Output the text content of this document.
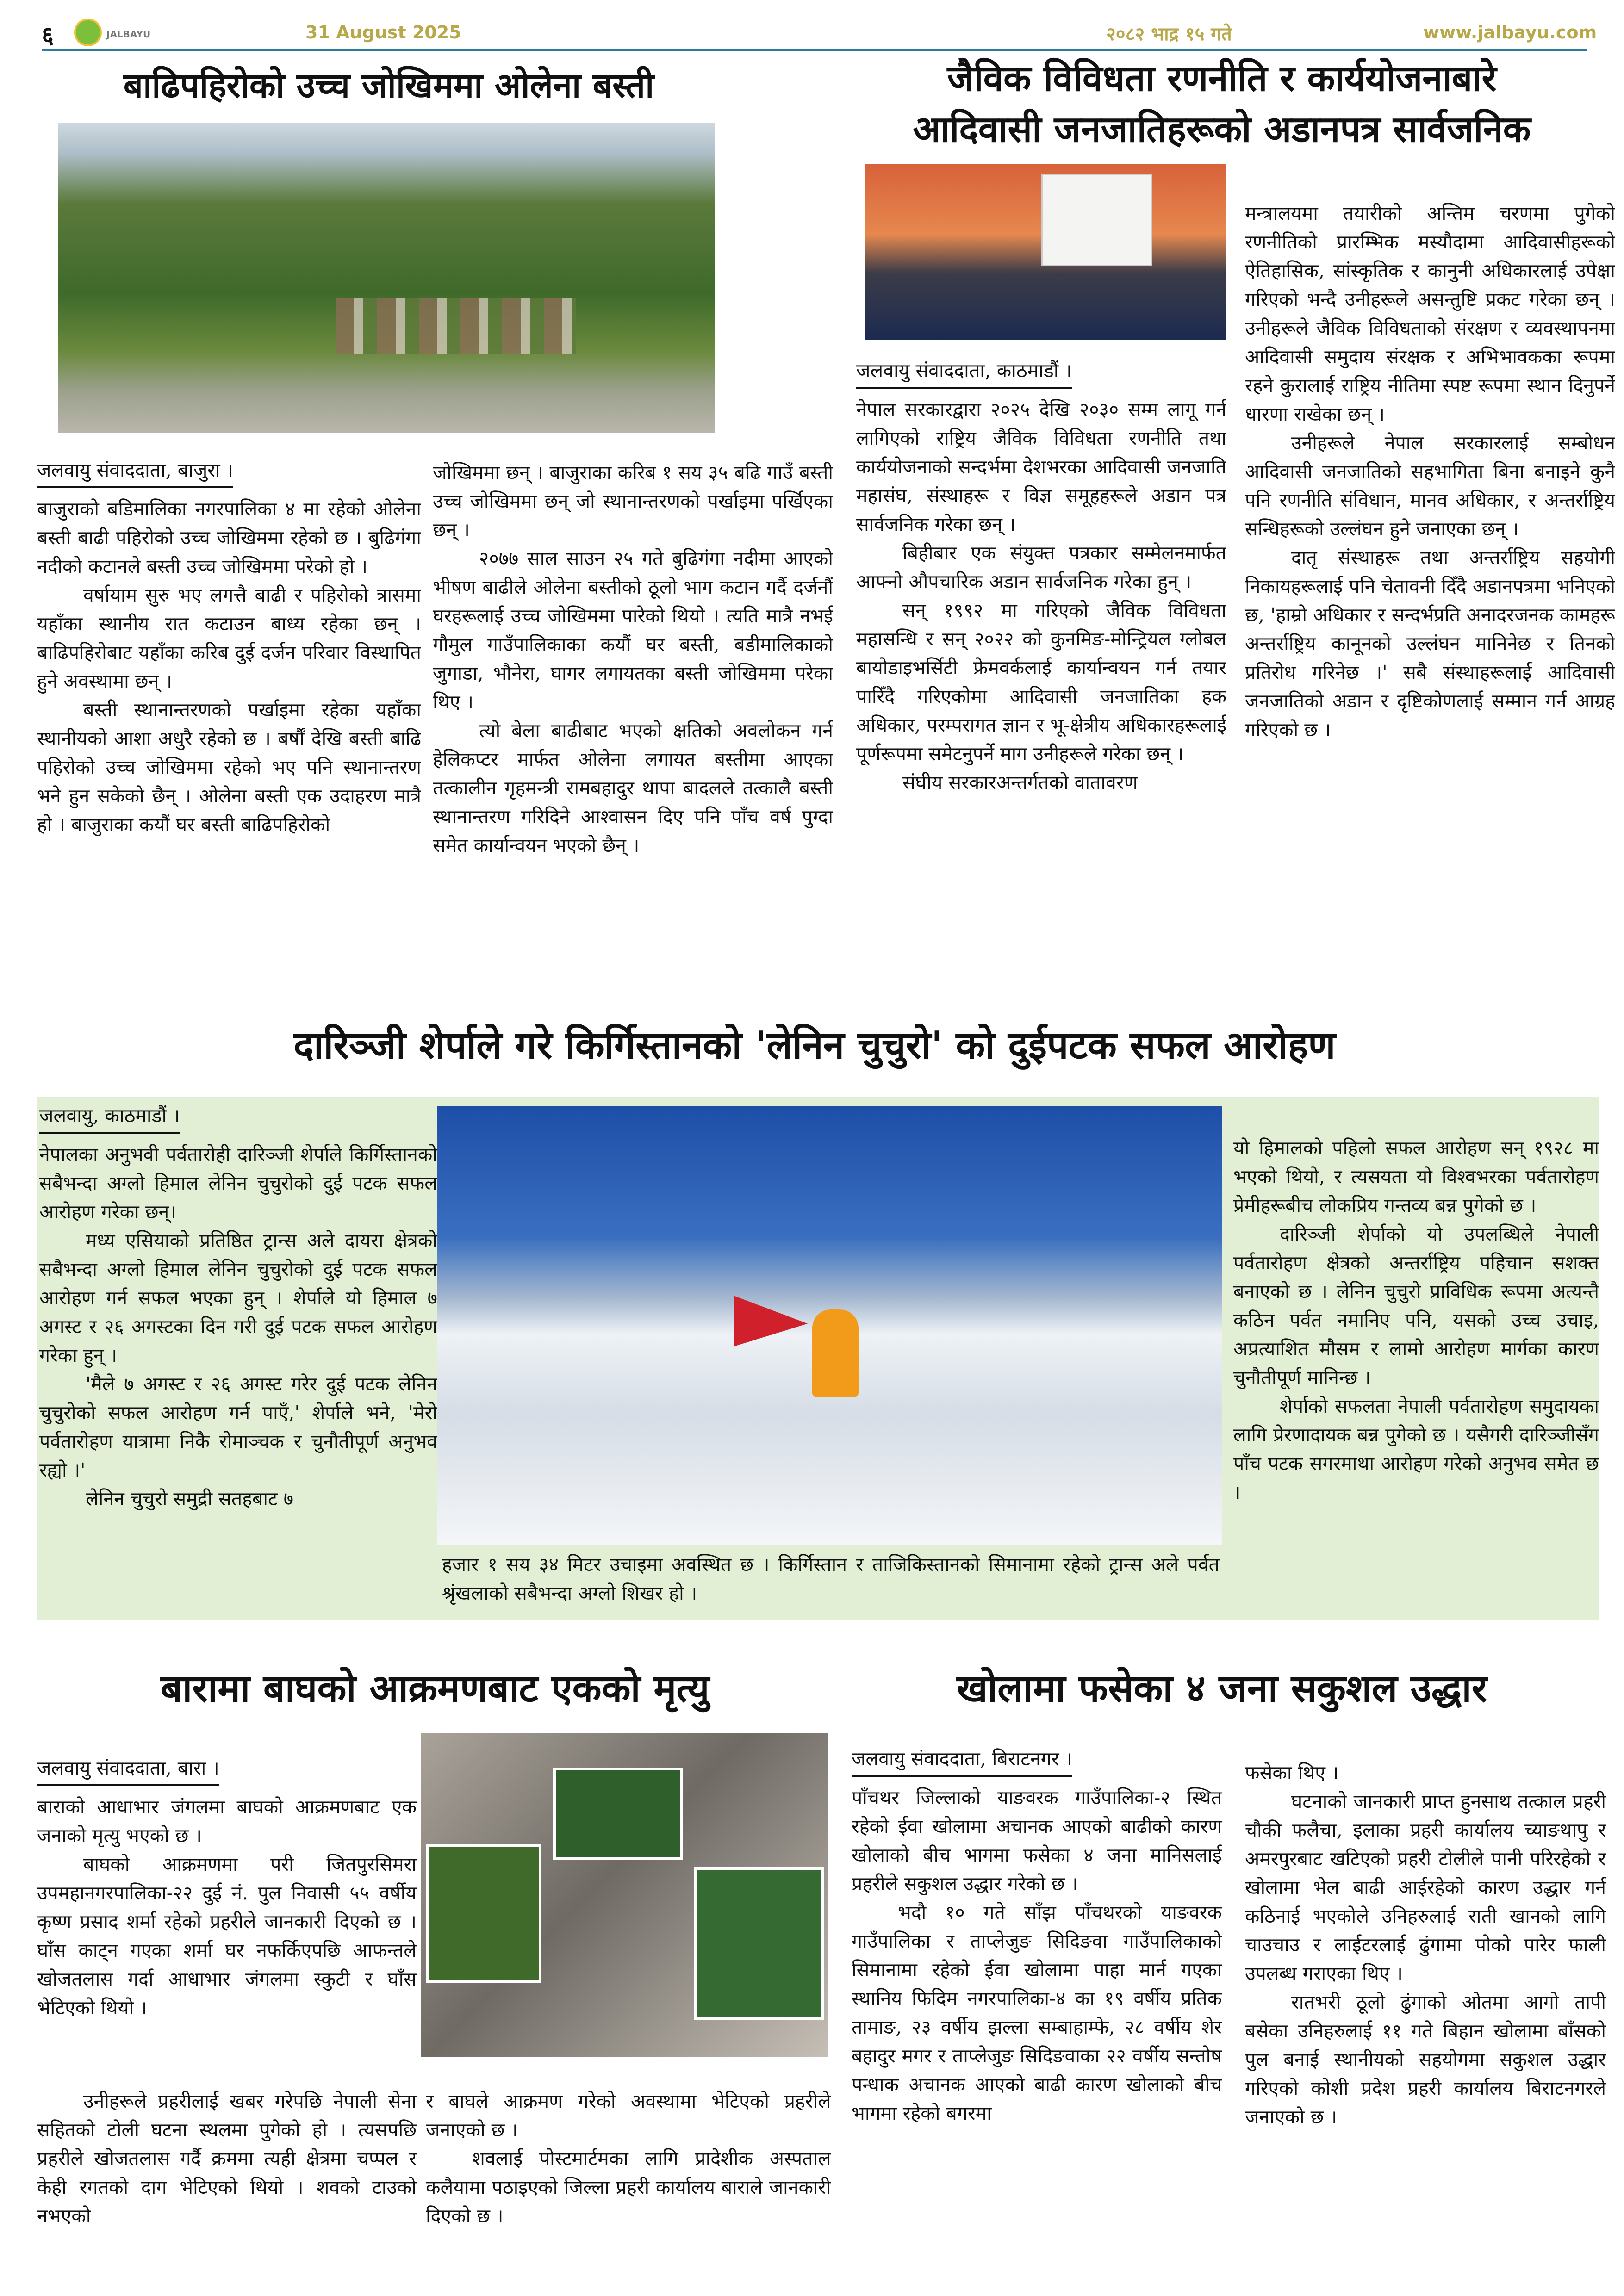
६	JALBAYU	31 August 2025	२०८२ भाद्र १५ गते	www.jalbayu.com
बाढिपहिरोको उच्च जोखिममा ओलेना बस्ती
जलवायु संवाददाता, बाजुरा ।

बाजुराको बडिमालिका नगरपालिका ४ मा रहेको ओलेना बस्ती बाढी पहिरोको उच्च जोखिममा रहेको छ । बुढिगंगा नदीको कटानले बस्ती उच्च जोखिममा परेको हो ।

वर्षायाम सुरु भए लगत्तै बाढी र पहिरोको त्रासमा यहाँका स्थानीय रात कटाउन बाध्य रहेका छन् । बाढिपहिरोबाट यहाँका करिब दुई दर्जन परिवार विस्थापित हुने अवस्थामा छन् ।

बस्ती स्थानान्तरणको पर्खाइमा रहेका यहाँका स्थानीयको आशा अधुरै रहेको छ । बर्षौं देखि बस्ती बाढि पहिरोको उच्च जोखिममा रहेको भए पनि स्थानान्तरण भने हुन सकेको छैन् । ओलेना बस्ती एक उदाहरण मात्रै हो । बाजुराका कयौं घर बस्ती बाढिपहिरोको

जोखिममा छन् । बाजुराका करिब १ सय ३५ बढि गाउँ बस्ती उच्च जोखिममा छन् जो स्थानान्तरणको पर्खाइमा पर्खिएका छन् ।

२०७७ साल साउन २५ गते बुढिगंगा नदीमा आएको भीषण बाढीले ओलेना बस्तीको ठूलो भाग कटान गर्दै दर्जनौं घरहरूलाई उच्च जोखिममा पारेको थियो । त्यति मात्रै नभई गौमुल गाउँपालिकाका कयौं घर बस्ती, बडीमालिकाको जुगाडा, भौनेरा, घागर लगायतका बस्ती जोखिममा परेका थिए ।

त्यो बेला बाढीबाट भएको क्षतिको अवलोकन गर्न हेलिकप्टर मार्फत ओलेना लगायत बस्तीमा आएका तत्कालीन गृहमन्त्री रामबहादुर थापा बादलले तत्कालै बस्ती स्थानान्तरण गरिदिने आश्वासन दिए पनि पाँच वर्ष पुग्दा समेत कार्यान्वयन भएको छैन् ।

जैविक विविधता रणनीति र कार्ययोजनाबारे
आदिवासी जनजातिहरूको अडानपत्र सार्वजनिक
जलवायु संवाददाता, काठमाडौं ।

नेपाल सरकारद्वारा २०२५ देखि २०३० सम्म लागू गर्न लागिएको राष्ट्रिय जैविक विविधता रणनीति तथा कार्ययोजनाको सन्दर्भमा देशभरका आदिवासी जनजाति महासंघ, संस्थाहरू र विज्ञ समूहहरूले अडान पत्र सार्वजनिक गरेका छन् ।

बिहीबार एक संयुक्त पत्रकार सम्मेलनमार्फत आफ्नो औपचारिक अडान सार्वजनिक गरेका हुन् ।

सन् १९९२ मा गरिएको जैविक विविधता महासन्धि र सन् २०२२ को कुनमिङ-मोन्ट्रियल ग्लोबल बायोडाइभर्सिटी फ्रेमवर्कलाई कार्यान्वयन गर्न तयार पारिँदै गरिएकोमा आदिवासी जनजातिका हक अधिकार, परम्परागत ज्ञान र भू-क्षेत्रीय अधिकारहरूलाई पूर्णरूपमा समेटनुपर्ने माग उनीहरूले गरेका छन् ।

संघीय सरकारअन्तर्गतको वातावरण

मन्त्रालयमा तयारीको अन्तिम चरणमा पुगेको रणनीतिको प्रारम्भिक मस्यौदामा आदिवासीहरूको ऐतिहासिक, सांस्कृतिक र कानुनी अधिकारलाई उपेक्षा गरिएको भन्दै उनीहरूले असन्तुष्टि प्रकट गरेका छन् । उनीहरूले जैविक विविधताको संरक्षण र व्यवस्थापनमा आदिवासी समुदाय संरक्षक र अभिभावकका रूपमा रहने कुरालाई राष्ट्रिय नीतिमा स्पष्ट रूपमा स्थान दिनुपर्ने धारणा राखेका छन् ।

उनीहरूले नेपाल सरकारलाई सम्बोधन आदिवासी जनजातिको सहभागिता बिना बनाइने कुनै पनि रणनीति संविधान, मानव अधिकार, र अन्तर्राष्ट्रिय सन्धिहरूको उल्लंघन हुने जनाएका छन् ।

दातृ संस्थाहरू तथा अन्तर्राष्ट्रिय सहयोगी निकायहरूलाई पनि चेतावनी दिँदै अडानपत्रमा भनिएको छ, 'हाम्रो अधिकार र सन्दर्भप्रति अनादरजनक कामहरू अन्तर्राष्ट्रिय कानूनको उल्लंघन मानिनेछ र तिनको प्रतिरोध गरिनेछ ।' सबै संस्थाहरूलाई आदिवासी जनजातिको अडान र दृष्टिकोणलाई सम्मान गर्न आग्रह गरिएको छ ।

दारिञ्जी शेर्पाले गरे किर्गिस्तानको 'लेनिन चुचुरो' को दुईपटक सफल आरोहण
जलवायु, काठमाडौं ।

नेपालका अनुभवी पर्वतारोही दारिञ्जी शेर्पाले किर्गिस्तानको सबैभन्दा अग्लो हिमाल लेनिन चुचुरोको दुई पटक सफल आरोहण गरेका छन्।

मध्य एसियाको प्रतिष्ठित ट्रान्स अले दायरा क्षेत्रको सबैभन्दा अग्लो हिमाल लेनिन चुचुरोको दुई पटक सफल आरोहण गर्न सफल भएका हुन् । शेर्पाले यो हिमाल ७ अगस्ट र २६ अगस्टका दिन गरी दुई पटक सफल आरोहण गरेका हुन् ।

'मैले ७ अगस्ट र २६ अगस्ट गरेर दुई पटक लेनिन चुचुरोको सफल आरोहण गर्न पाएँ,' शेर्पाले भने, 'मेरो पर्वतारोहण यात्रामा निकै रोमाञ्चक र चुनौतीपूर्ण अनुभव रह्यो ।'

लेनिन चुचुरो समुद्री सतहबाट ७

हजार १ सय ३४ मिटर उचाइमा अवस्थित छ । किर्गिस्तान र ताजिकिस्तानको सिमानामा रहेको ट्रान्स अले पर्वत श्रृंखलाको सबैभन्दा अग्लो शिखर हो ।

यो हिमालको पहिलो सफल आरोहण सन् १९२८ मा भएको थियो, र त्यसयता यो विश्वभरका पर्वतारोहण प्रेमीहरूबीच लोकप्रिय गन्तव्य बन्न पुगेको छ ।

दारिञ्जी शेर्पाको यो उपलब्धिले नेपाली पर्वतारोहण क्षेत्रको अन्तर्राष्ट्रिय पहिचान सशक्त बनाएको छ । लेनिन चुचुरो प्राविधिक रूपमा अत्यन्तै कठिन पर्वत नमानिए पनि, यसको उच्च उचाइ, अप्रत्याशित मौसम र लामो आरोहण मार्गका कारण चुनौतीपूर्ण मानिन्छ ।

शेर्पाको सफलता नेपाली पर्वतारोहण समुदायका लागि प्रेरणादायक बन्न पुगेको छ । यसैगरी दारिञ्जीसँग पाँच पटक सगरमाथा आरोहण गरेको अनुभव समेत छ ।

बारामा बाघको आक्रमणबाट एकको मृत्यु
जलवायु संवाददाता, बारा ।

बाराको आधाभार जंगलमा बाघको आक्रमणबाट एक जनाको मृत्यु भएको छ ।

बाघको आक्रमणमा परी जितपुरसिमरा उपमहानगरपालिका-२२ दुई नं. पुल निवासी ५५ वर्षीय कृष्ण प्रसाद शर्मा रहेको प्रहरीले जानकारी दिएको छ । घाँस काट्न गएका शर्मा घर नफर्किएपछि आफन्तले खोजतलास गर्दा आधाभार जंगलमा स्कुटी र घाँस भेटिएको थियो ।

उनीहरूले प्रहरीलाई खबर गरेपछि नेपाली सेना सहितको टोली घटना स्थलमा पुगेको हो । त्यसपछि प्रहरीले खोजतलास गर्दै क्रममा त्यही क्षेत्रमा चप्पल र केही रगतको दाग भेटिएको थियो । शवको टाउको नभएको

र बाघले आक्रमण गरेको अवस्थामा भेटिएको प्रहरीले जनाएको छ ।

शवलाई पोस्टमार्टमका लागि प्रादेशीक अस्पताल कलैयामा पठाइएको जिल्ला प्रहरी कार्यालय बाराले जानकारी दिएको छ ।

खोलामा फसेका ४ जना सकुशल उद्धार
जलवायु संवाददाता, बिराटनगर ।

पाँचथर जिल्लाको याङवरक गाउँपालिका-२ स्थित रहेको ईवा खोलामा अचानक आएको बाढीको कारण खोलाको बीच भागमा फसेका ४ जना मानिसलाई प्रहरीले सकुशल उद्धार गरेको छ ।

भदौ १० गते साँझ पाँचथरको याङवरक गाउँपालिका र ताप्लेजुङ सिदिङवा गाउँपालिकाको सिमानामा रहेको ईवा खोलामा पाहा मार्न गएका स्थानिय फिदिम नगरपालिका-४ का १९ वर्षीय प्रतिक तामाङ, २३ वर्षीय झल्ला सम्बाहाम्फे, २८ वर्षीय शेर बहादुर मगर र ताप्लेजुङ सिदिङवाका २२ वर्षीय सन्तोष पन्धाक अचानक आएको बाढी कारण खोलाको बीच भागमा रहेको बगरमा

फसेका थिए ।

घटनाको जानकारी प्राप्त हुनसाथ तत्काल प्रहरी चौकी फलैचा, इलाका प्रहरी कार्यालय च्याङथापु र अमरपुरबाट खटिएको प्रहरी टोलीले पानी परिरहेको र खोलामा भेल बाढी आईरहेको कारण उद्धार गर्न कठिनाई भएकोले उनिहरुलाई राती खानको लागि चाउचाउ र लाईटरलाई ढुंगामा पोको पारेर फाली उपलब्ध गराएका थिए ।

रातभरी ठूलो ढुंगाको ओतमा आगो तापी बसेका उनिहरुलाई ११ गते बिहान खोलामा बाँसको पुल बनाई स्थानीयको सहयोगमा सकुशल उद्धार गरिएको कोशी प्रदेश प्रहरी कार्यालय बिराटनगरले जनाएको छ ।
